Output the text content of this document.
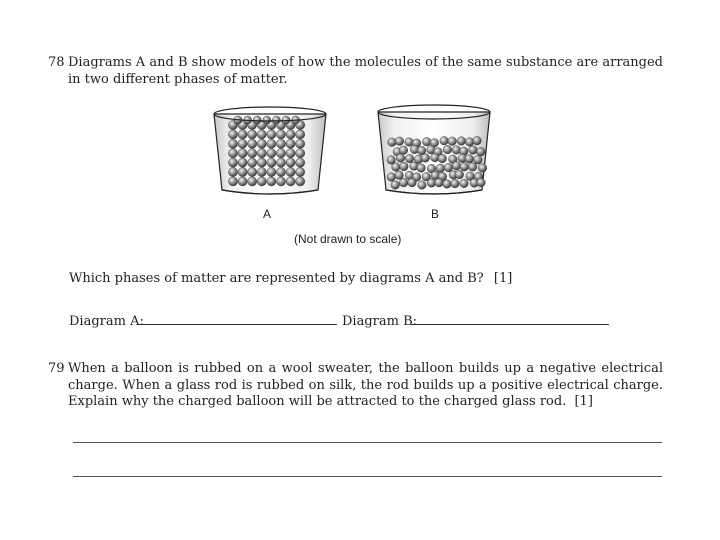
78 Diagrams A and B show models of how the molecules of the same substance are arranged in two different phases of matter.
A	B
(Not drawn to scale)
Which phases of matter are represented by diagrams A and B? [1]
Diagram A:	Diagram B:
79 When a balloon is rubbed on a wool sweater, the balloon builds up a negative electrical charge. When a glass rod is rubbed on silk, the rod builds up a positive electrical charge. Explain why the charged balloon will be attracted to the charged glass rod. [1]
